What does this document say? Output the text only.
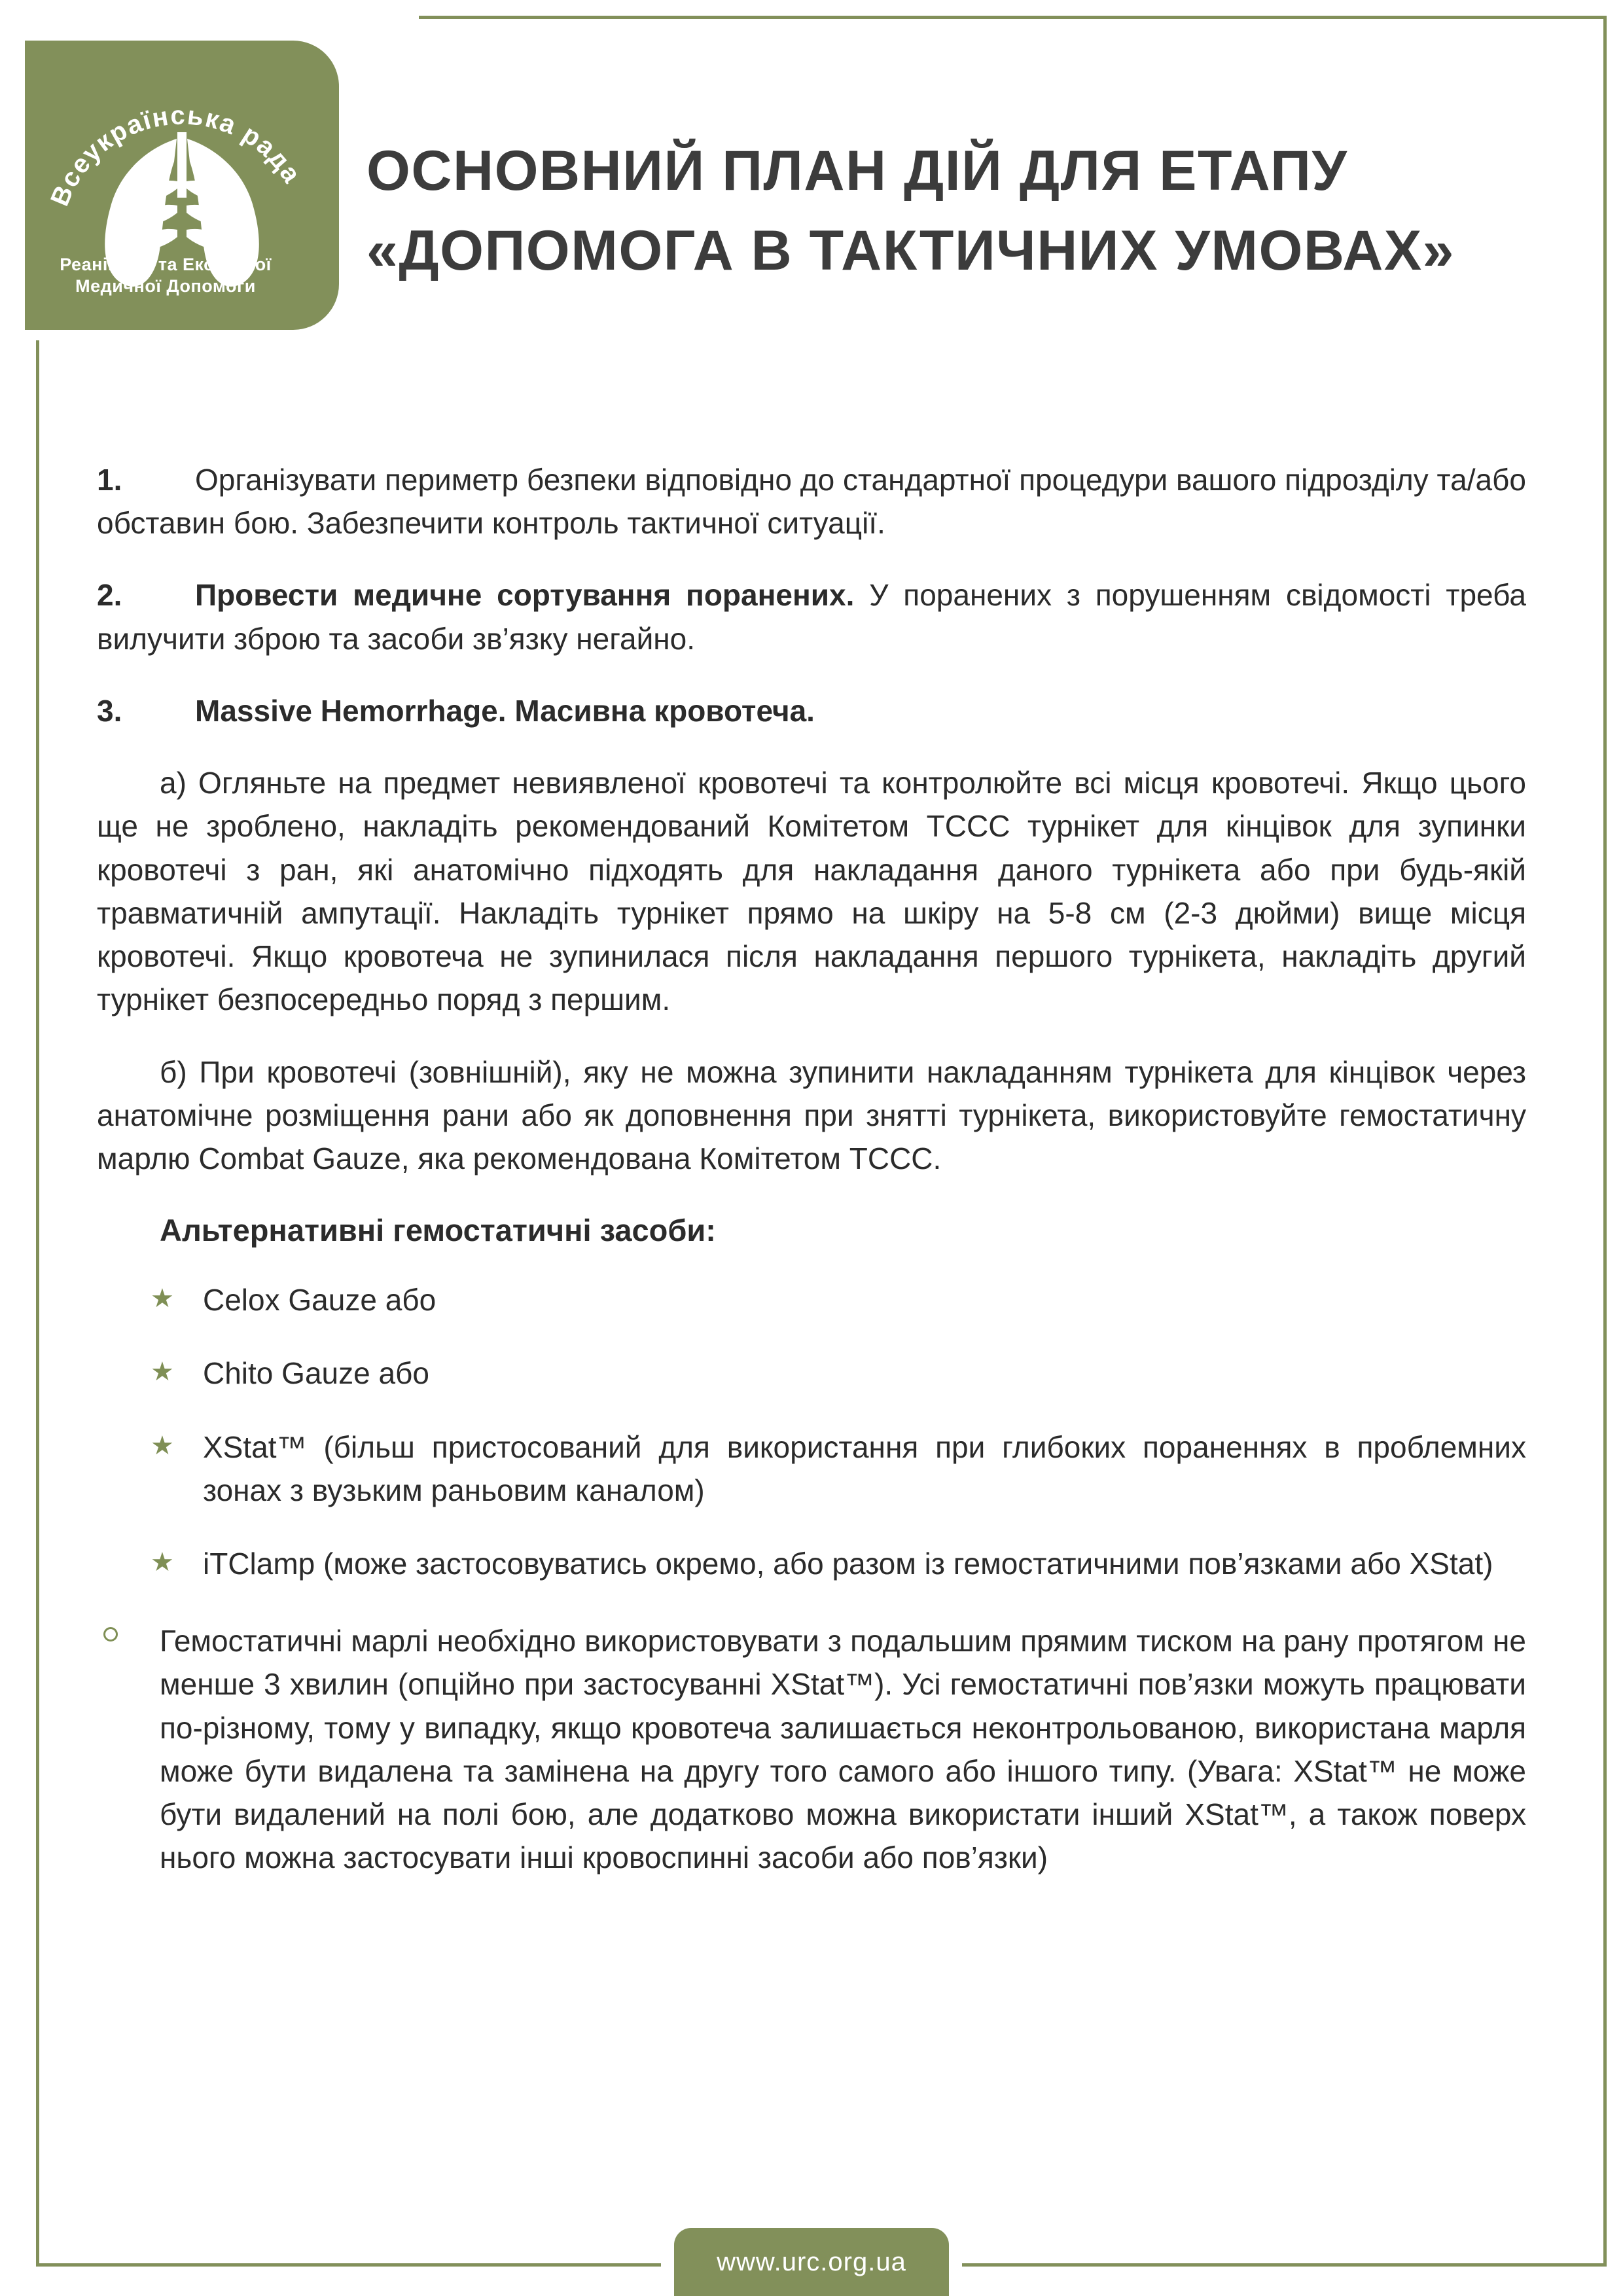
Всеукраїнська рада
Реанімації та Екстреної
Медичної Допомоги
ОСНОВНИЙ ПЛАН ДІЙ ДЛЯ ЕТАПУ
«ДОПОМОГА В ТАКТИЧНИХ УМОВАХ»

1. Організувати периметр безпеки відповідно до стандартної процедури вашого підрозділу та/або обставин бою. Забезпечити контроль тактичної ситуації.

2. Провести медичне сортування поранених. У поранених з порушенням свідомості треба вилучити зброю та засоби зв’язку негайно.

3. Massive Hemorrhage. Масивна кровотеча.

а) Огляньте на предмет невиявленої кровотечі та контролюйте всі місця кровотечі. Якщо цього ще не зроблено, накладіть рекомендований Комітетом TCCC турнікет для кінцівок для зупинки кровотечі з ран, які анатомічно підходять для накладання даного турнікета або при будь-якій травматичній ампутації. Накладіть турнікет прямо на шкіру на 5-8 см (2-3 дюйми) вище місця кровотечі. Якщо кровотеча не зупинилася після накладання першого турнікета, накладіть другий турнікет безпосередньо поряд з першим.

б) При кровотечі (зовнішній), яку не можна зупинити накладанням турнікета для кінцівок через анатомічне розміщення рани або як доповнення при знятті турнікета, використовуйте гемостатичну марлю Combat Gauze, яка рекомендована Комітетом TCCC.

Альтернативні гемостатичні засоби:
★ Celox Gauze або
★ Chito Gauze або
★ XStat™ (більш пристосований для використання при глибоких пораненнях в проблемних зонах з вузьким раньовим каналом)
★ iTClamp (може застосовуватись окремо, або разом із гемостатичними пов’язками або XStat)
Гемостатичні марлі необхідно використовувати з подальшим прямим тиском на рану протягом не менше 3 хвилин (опційно при застосуванні XStat™). Усі гемостатичні пов’язки можуть працювати по-різному, тому у випадку, якщо кровотеча залишається неконтрольованою, використана марля може бути видалена та замінена на другу того самого або іншого типу. (Увага: XStat™ не може бути видалений на полі бою, але додатково можна використати інший XStat™, а також поверх нього можна застосувати інші кровоспинні засоби або пов’язки)
www.urc.org.ua
